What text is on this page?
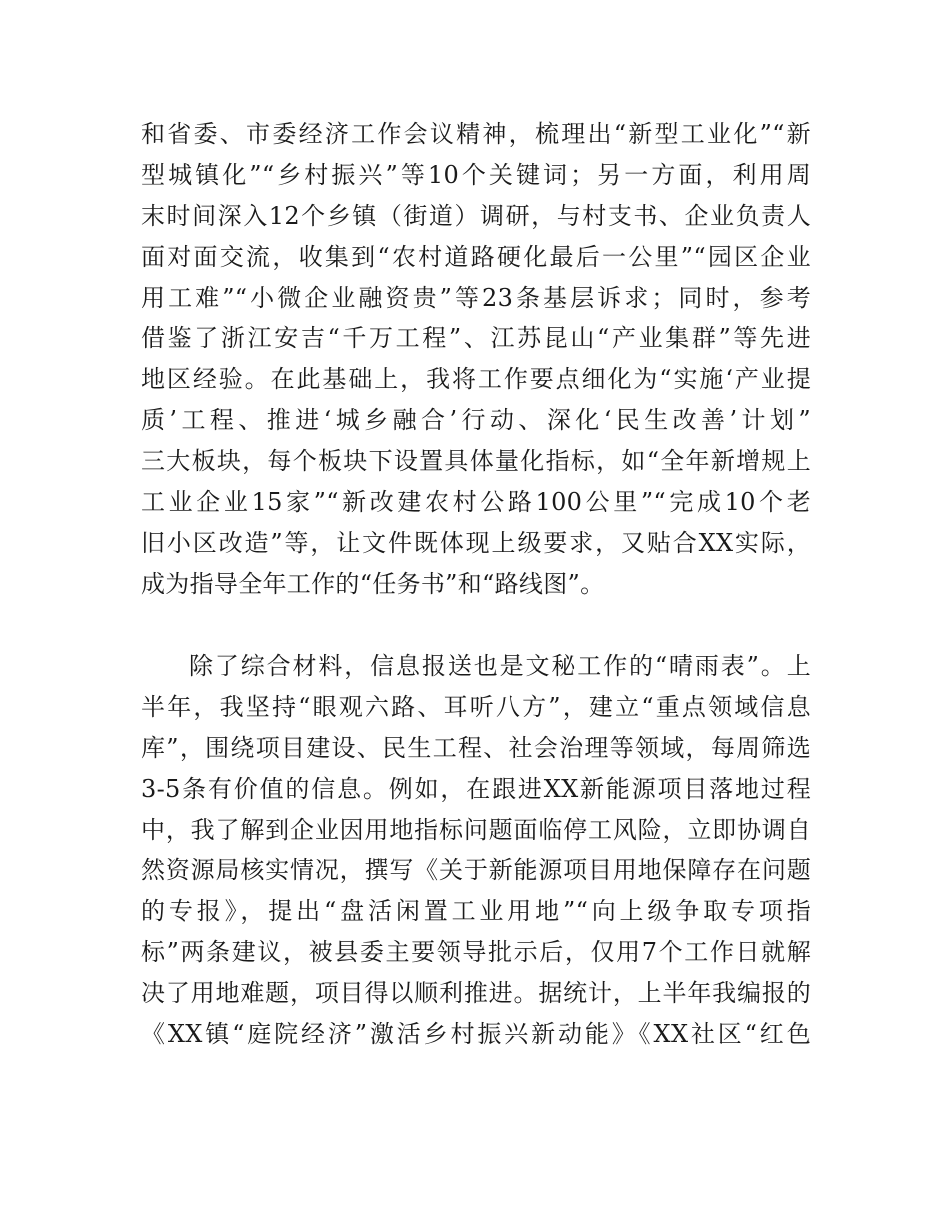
和省委、市委经济工作会议精神，梳理出“新型工业化”“新
型城镇化”“乡村振兴”等10个关键词；另一方面，利用周
末时间深入12个乡镇（街道）调研，与村支书、企业负责人
面对面交流，收集到“农村道路硬化最后一公里”“园区企业
用工难”“小微企业融资贵”等23条基层诉求；同时，参考
借鉴了浙江安吉“千万工程”、江苏昆山“产业集群”等先进
地区经验。在此基础上，我将工作要点细化为“实施‘产业提
质’工程、推进‘城乡融合’行动、深化‘民生改善’计划”
三大板块，每个板块下设置具体量化指标，如“全年新增规上
工业企业15家”“新改建农村公路100公里”“完成10个老
旧小区改造”等，让文件既体现上级要求，又贴合XX实际，
成为指导全年工作的“任务书”和“路线图”。
除了综合材料，信息报送也是文秘工作的“晴雨表”。上
半年，我坚持“眼观六路、耳听八方”，建立“重点领域信息
库”，围绕项目建设、民生工程、社会治理等领域，每周筛选
3-5条有价值的信息。例如，在跟进XX新能源项目落地过程
中，我了解到企业因用地指标问题面临停工风险，立即协调自
然资源局核实情况，撰写《关于新能源项目用地保障存在问题
的专报》，提出“盘活闲置工业用地”“向上级争取专项指
标”两条建议，被县委主要领导批示后，仅用7个工作日就解
决了用地难题，项目得以顺利推进。据统计，上半年我编报的
《XX镇“庭院经济”激活乡村振兴新动能》《XX社区“红色
